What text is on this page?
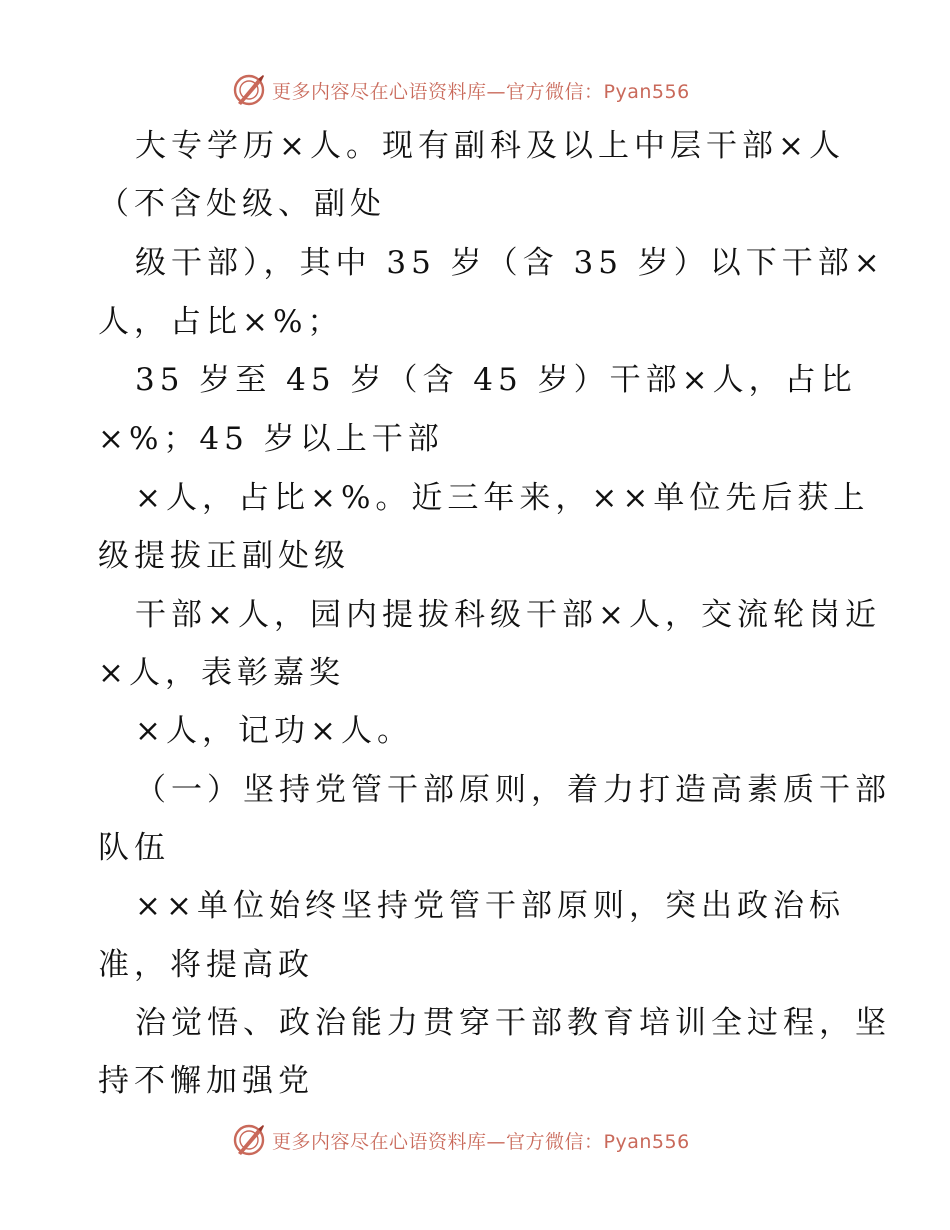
更多内容尽在心语资料库—官方微信：Pyan556
大专学历×人。现有副科及以上中层干部×人
（不含处级、副处
级干部），其中 35 岁（含 35 岁）以下干部×
人，占比×%；
35 岁至 45 岁（含 45 岁）干部×人，占比
×%；45 岁以上干部
×人，占比×%。近三年来，××单位先后获上
级提拔正副处级
干部×人，园内提拔科级干部×人，交流轮岗近
×人，表彰嘉奖
×人，记功×人。
（一）坚持党管干部原则，着力打造高素质干部
队伍
××单位始终坚持党管干部原则，突出政治标
准，将提高政
治觉悟、政治能力贯穿干部教育培训全过程，坚
持不懈加强党
更多内容尽在心语资料库—官方微信：Pyan556
